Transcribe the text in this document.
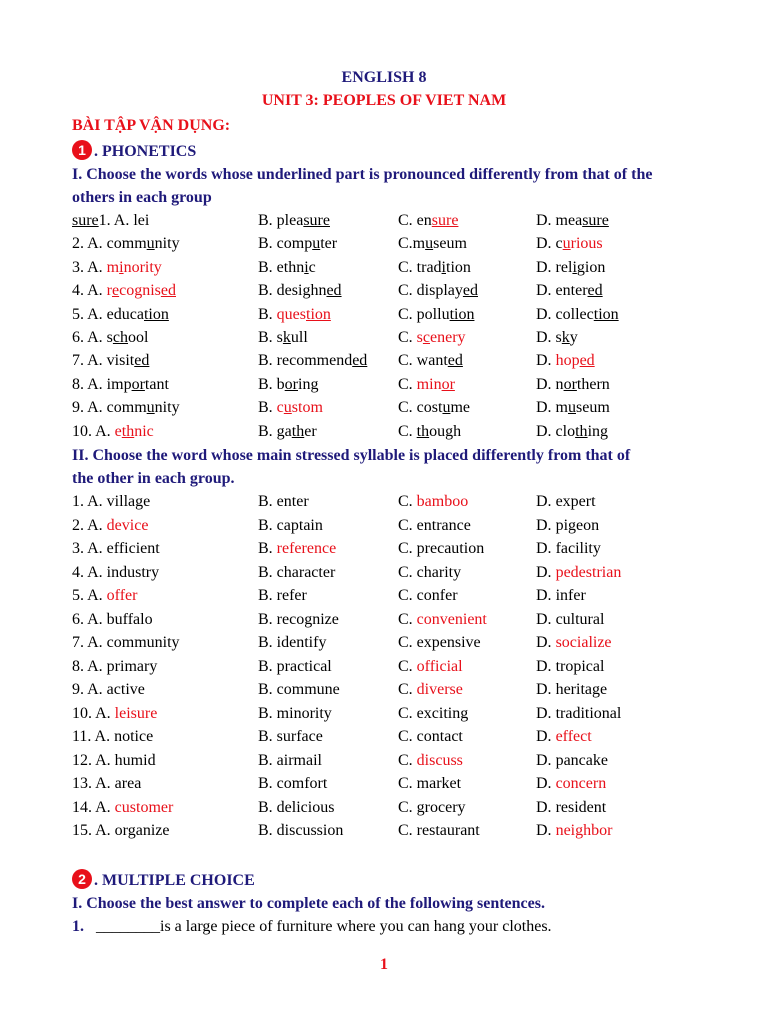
ENGLISH 8
UNIT 3: PEOPLES OF VIET NAM
BÀI TẬP VẬN DỤNG:
1 . PHONETICS
I. Choose the words whose underlined part is pronounced differently from that of the
others in each group
sure1. A. lei	B. pleasure	C. ensure	D. measure
2. A. community	B. computer	C.museum	D. curious
3. A. minority	B. ethnic	C. tradition	D. religion
4. A. recognised	B. desighned	C. displayed	D. entered
5. A. education	B. question	C. pollution	D. collection
6. A. school	B. skull	C. scenery	D. sky
7. A. visited	B. recommended C. wanted	D. hoped
8. A. important	B. boring	C. minor	D. northern
9. A. community	B. custom	C. costume	D. museum
10. A. ethnic	B. gather	C. though	D. clothing
II. Choose the word whose main stressed syllable is placed differently from that of
the other in each group.
1. A. village	B. enter	C. bamboo	D. expert
2. A. device	B. captain	C. entrance	D. pigeon
3. A. efficient	B. reference	C. precaution	D. facility
4. A. industry	B. character	C. charity	D. pedestrian
5. A. offer	B. refer	C. confer	D. infer
6. A. buffalo	B. recognize	C. convenient	D. cultural
7. A. community	B. identify	C. expensive	D. socialize
8. A. primary	B. practical	C. official	D. tropical
9. A. active	B. commune	C. diverse	D. heritage
10. A. leisure	B. minority	C. exciting	D. traditional
11. A. notice	B. surface	C. contact	D. effect
12. A. humid	B. airmail	C. discuss	D. pancake
13. A. area	B. comfort	C. market	D. concern
14. A. customer	B. delicious	C. grocery	D. resident
15. A. organize	B. discussion	C. restaurant	D. neighbor
2 . MULTIPLE CHOICE
I. Choose the best answer to complete each of the following sentences.
1. ________is a large piece of furniture where you can hang your clothes.
1
